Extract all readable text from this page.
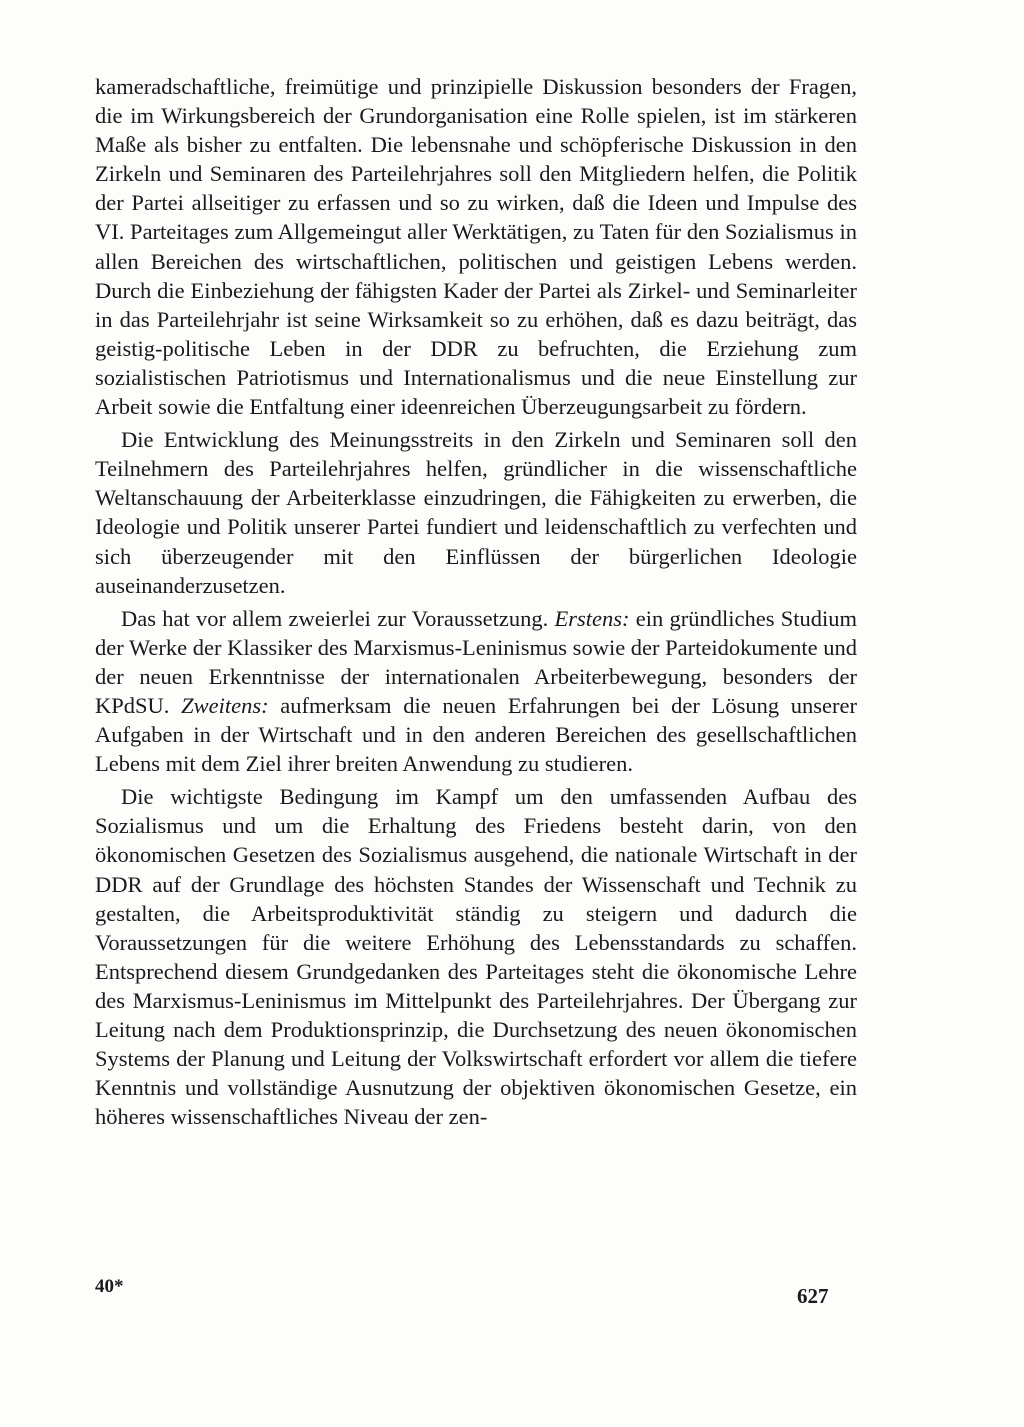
kameradschaftliche, freimütige und prinzipielle Diskussion besonders der Fragen, die im Wirkungsbereich der Grundorganisation eine Rolle spielen, ist im stärkeren Maße als bisher zu entfalten. Die lebensnahe und schöpferische Diskussion in den Zirkeln und Seminaren des Parteilehrjahres soll den Mitgliedern helfen, die Politik der Partei allseitiger zu erfassen und so zu wirken, daß die Ideen und Impulse des VI. Parteitages zum Allgemeingut aller Werktätigen, zu Taten für den Sozialismus in allen Bereichen des wirtschaftlichen, politischen und geistigen Lebens werden. Durch die Einbeziehung der fähigsten Kader der Partei als Zirkel- und Seminarleiter in das Parteilehrjahr ist seine Wirksamkeit so zu erhöhen, daß es dazu beiträgt, das geistig-politische Leben in der DDR zu befruchten, die Erziehung zum sozialistischen Patriotismus und Internationalismus und die neue Einstellung zur Arbeit sowie die Entfaltung einer ideenreichen Überzeugungsarbeit zu fördern.

Die Entwicklung des Meinungsstreits in den Zirkeln und Seminaren soll den Teilnehmern des Parteilehrjahres helfen, gründlicher in die wissenschaftliche Weltanschauung der Arbeiterklasse einzudringen, die Fähigkeiten zu erwerben, die Ideologie und Politik unserer Partei fundiert und leidenschaftlich zu verfechten und sich überzeugender mit den Einflüssen der bürgerlichen Ideologie auseinanderzusetzen.

Das hat vor allem zweierlei zur Voraussetzung. Erstens: ein gründliches Studium der Werke der Klassiker des Marxismus-Leninismus sowie der Parteidokumente und der neuen Erkenntnisse der internationalen Arbeiterbewegung, besonders der KPdSU. Zweitens: aufmerksam die neuen Erfahrungen bei der Lösung unserer Aufgaben in der Wirtschaft und in den anderen Bereichen des gesellschaftlichen Lebens mit dem Ziel ihrer breiten Anwendung zu studieren.

Die wichtigste Bedingung im Kampf um den umfassenden Aufbau des Sozialismus und um die Erhaltung des Friedens besteht darin, von den ökonomischen Gesetzen des Sozialismus ausgehend, die nationale Wirtschaft in der DDR auf der Grundlage des höchsten Standes der Wissenschaft und Technik zu gestalten, die Arbeitsproduktivität ständig zu steigern und dadurch die Voraussetzungen für die weitere Erhöhung des Lebensstandards zu schaffen. Entsprechend diesem Grundgedanken des Parteitages steht die ökonomische Lehre des Marxismus-Leninismus im Mittelpunkt des Parteilehrjahres. Der Übergang zur Leitung nach dem Produktionsprinzip, die Durchsetzung des neuen ökonomischen Systems der Planung und Leitung der Volkswirtschaft erfordert vor allem die tiefere Kenntnis und vollständige Ausnutzung der objektiven ökonomischen Gesetze, ein höheres wissenschaftliches Niveau der zen-

40*	627
